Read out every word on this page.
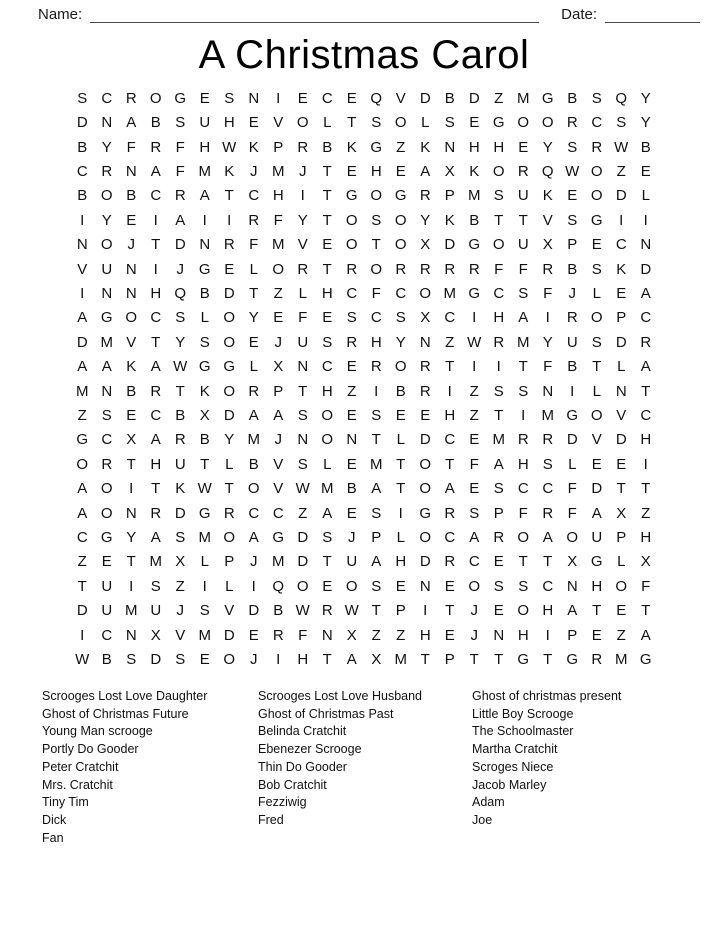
Name:	Date:
A Christmas Carol
S C R O G E S N	I	E C E Q V D B D Z M G B S Q Y
D N A B S U H E V O L	T S O L	S E G O O R C S Y
B Y F R F H W K P R B K G Z K N H H E Y S R W B
C R N A F M K	J M J	T E H E A X K O R Q W O Z E
B O B C R A T C H	I	T G O G R P M S U K E O D L
I	Y E	I	A	I	I	R F Y T O S O Y K B T	T V S G	I	I
N O J	T D N R F M V E O T O X D G O U X P E C N
V U N	I	J G E	L O R T R O R R R R F	F R B S K D
I	N N H Q B D T	Z	L H C F C O M G C S F	J	L	E A
A G O C S	L O Y E F E S C S X C	I	H A	I	R O P C
D M V T Y S O E	J	U S R H Y N Z W R M Y U S D R
A A K A W G G L	X N C E R O R T	I	I	T	F B T	L	A
M N B R T K O R P T H Z	I	B R	I	Z S S N	I	L N T
Z S E C B X D A A S O E S E E H Z	T	I	M G O V C
G C X A R B Y M J	N O N T	L D C E M R R D V D H
O R T H U T	L	B V S	L	E M T O T	F A H S	L	E E	I
A O	I	T K W T O V W M B A T O A E S C C F D T	T
A O N R D G R C C Z A E S	I	G R S P F R F A X Z
C G Y A S M O A G D S	J	P	L O C A R O A O U P H
Z E T M X	L	P	J M D T U A H D R C E T	T X G L	X
T U	I	S Z	I	L	I	Q O E O S E N E O S S C N H O F
D U M U	J	S V D B W R W T P	I	T	J	E O H A T E T
I	C N X V M D E R F N X Z	Z H E	J	N H	I	P E Z A
W B S D S E O J	I	H T A X M T P T	T G T G R M G
Scrooges Lost Love Daughter
Ghost of Christmas Future
Young Man scrooge
Portly Do Gooder
Peter Cratchit
Mrs. Cratchit
Tiny Tim
Dick
Fan
Scrooges Lost Love Husband
Ghost of Christmas Past
Belinda Cratchit
Ebenezer Scrooge
Thin Do Gooder
Bob Cratchit
Fezziwig
Fred
Ghost of christmas present
Little Boy Scrooge
The Schoolmaster
Martha Cratchit
Scroges Niece
Jacob Marley
Adam
Joe
